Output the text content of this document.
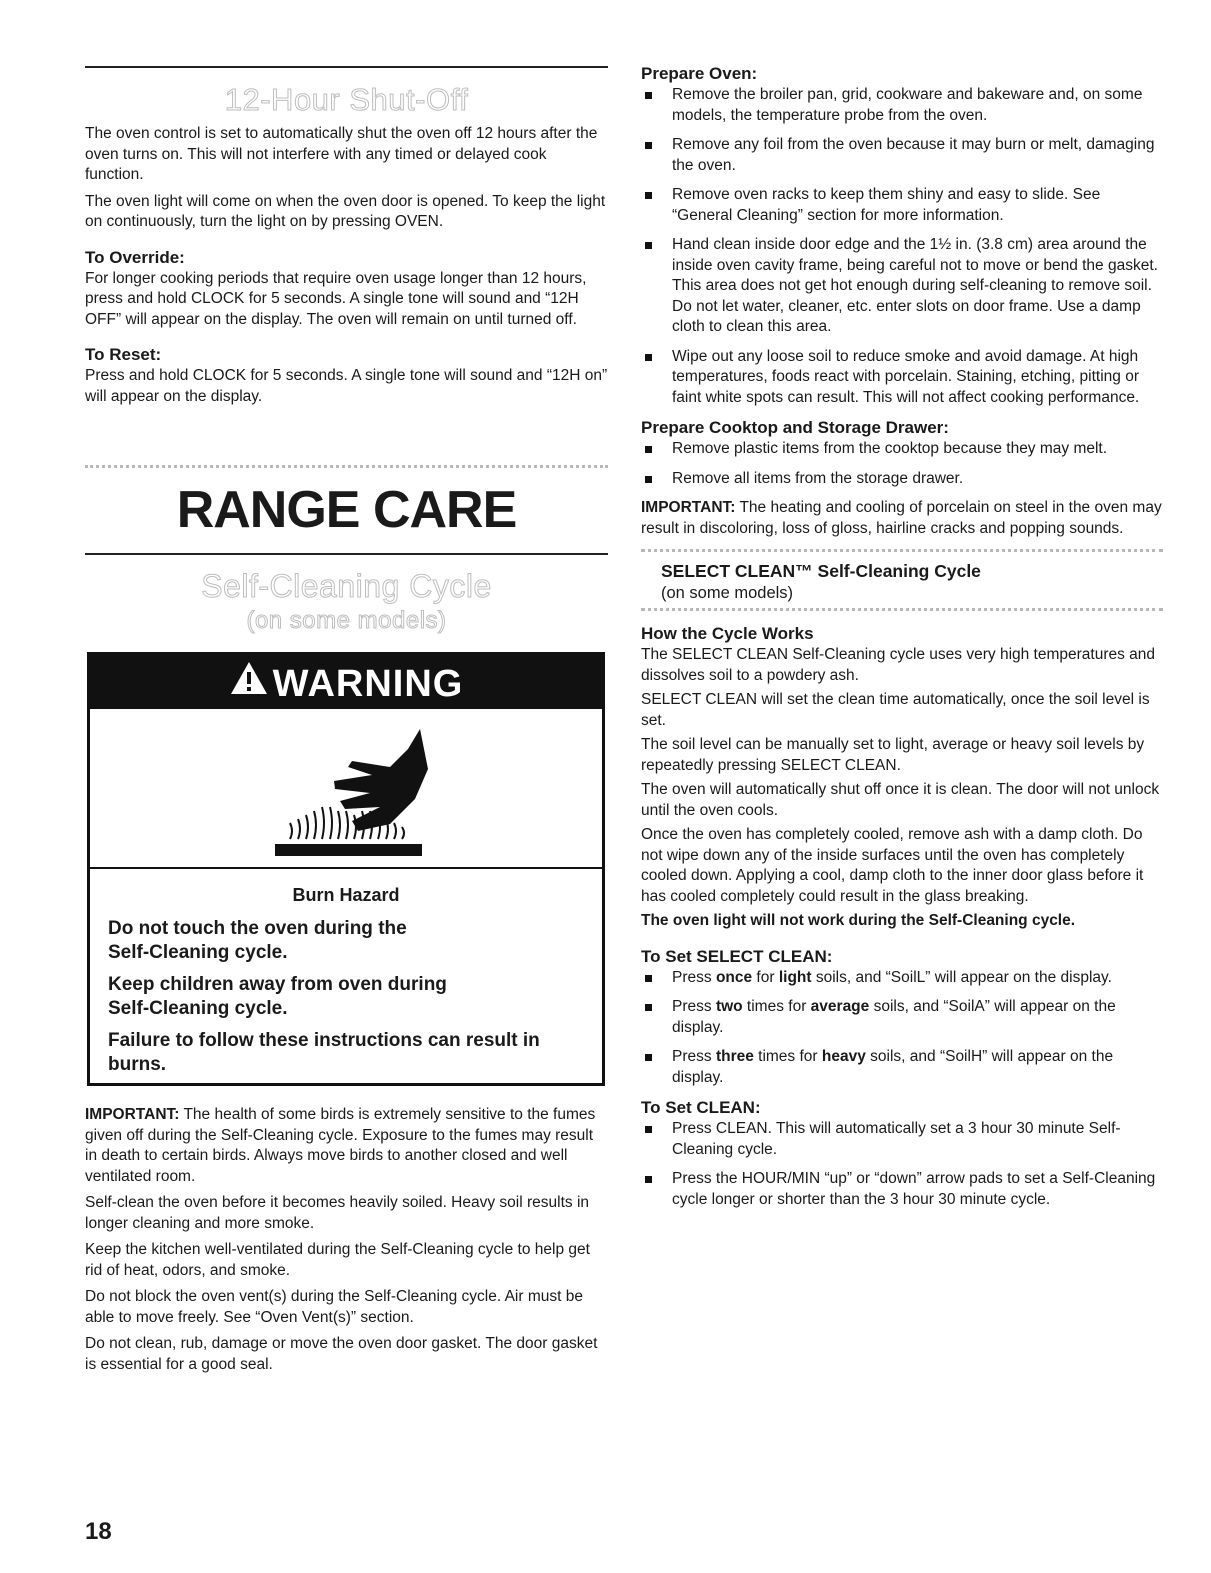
12-Hour Shut-Off

The oven control is set to automatically shut the oven off 12 hours after the oven turns on. This will not interfere with any timed or delayed cook function.

The oven light will come on when the oven door is opened. To keep the light on continuously, turn the light on by pressing OVEN.

To Override:

For longer cooking periods that require oven usage longer than 12 hours, press and hold CLOCK for 5 seconds. A single tone will sound and “12H OFF” will appear on the display. The oven will remain on until turned off.

To Reset:

Press and hold CLOCK for 5 seconds. A single tone will sound and “12H on” will appear on the display.

RANGE CARE
Self-Cleaning Cycle
(on some models)
WARNING
Burn Hazard
Do not touch the oven during the Self-Cleaning cycle.
Keep children away from oven during Self-Cleaning cycle.
Failure to follow these instructions can result in burns.

IMPORTANT: The health of some birds is extremely sensitive to the fumes given off during the Self-Cleaning cycle. Exposure to the fumes may result in death to certain birds. Always move birds to another closed and well ventilated room.

Self-clean the oven before it becomes heavily soiled. Heavy soil results in longer cleaning and more smoke.

Keep the kitchen well-ventilated during the Self-Cleaning cycle to help get rid of heat, odors, and smoke.

Do not block the oven vent(s) during the Self-Cleaning cycle. Air must be able to move freely. See “Oven Vent(s)” section.

Do not clean, rub, damage or move the oven door gasket. The door gasket is essential for a good seal.

Prepare Oven:
Remove the broiler pan, grid, cookware and bakeware and, on some models, the temperature probe from the oven.
Remove any foil from the oven because it may burn or melt, damaging the oven.
Remove oven racks to keep them shiny and easy to slide. See “General Cleaning” section for more information.
Hand clean inside door edge and the 1½ in. (3.8 cm) area around the inside oven cavity frame, being careful not to move or bend the gasket. This area does not get hot enough during self-cleaning to remove soil. Do not let water, cleaner, etc. enter slots on door frame. Use a damp cloth to clean this area.
Wipe out any loose soil to reduce smoke and avoid damage. At high temperatures, foods react with porcelain. Staining, etching, pitting or faint white spots can result. This will not affect cooking performance.
Prepare Cooktop and Storage Drawer:
Remove plastic items from the cooktop because they may melt.
Remove all items from the storage drawer.

IMPORTANT: The heating and cooling of porcelain on steel in the oven may result in discoloring, loss of gloss, hairline cracks and popping sounds.

SELECT CLEAN™ Self-Cleaning Cycle
(on some models)
How the Cycle Works

The SELECT CLEAN Self-Cleaning cycle uses very high temperatures and dissolves soil to a powdery ash.

SELECT CLEAN will set the clean time automatically, once the soil level is set.

The soil level can be manually set to light, average or heavy soil levels by repeatedly pressing SELECT CLEAN.

The oven will automatically shut off once it is clean. The door will not unlock until the oven cools.

Once the oven has completely cooled, remove ash with a damp cloth. Do not wipe down any of the inside surfaces until the oven has completely cooled down. Applying a cool, damp cloth to the inner door glass before it has cooled completely could result in the glass breaking.

The oven light will not work during the Self-Cleaning cycle.

To Set SELECT CLEAN:
Press once for light soils, and “SoilL” will appear on the display.
Press two times for average soils, and “SoilA” will appear on the display.
Press three times for heavy soils, and “SoilH” will appear on the display.
To Set CLEAN:
Press CLEAN. This will automatically set a 3 hour 30 minute Self-Cleaning cycle.
Press the HOUR/MIN “up” or “down” arrow pads to set a Self-Cleaning cycle longer or shorter than the 3 hour 30 minute cycle.
18
